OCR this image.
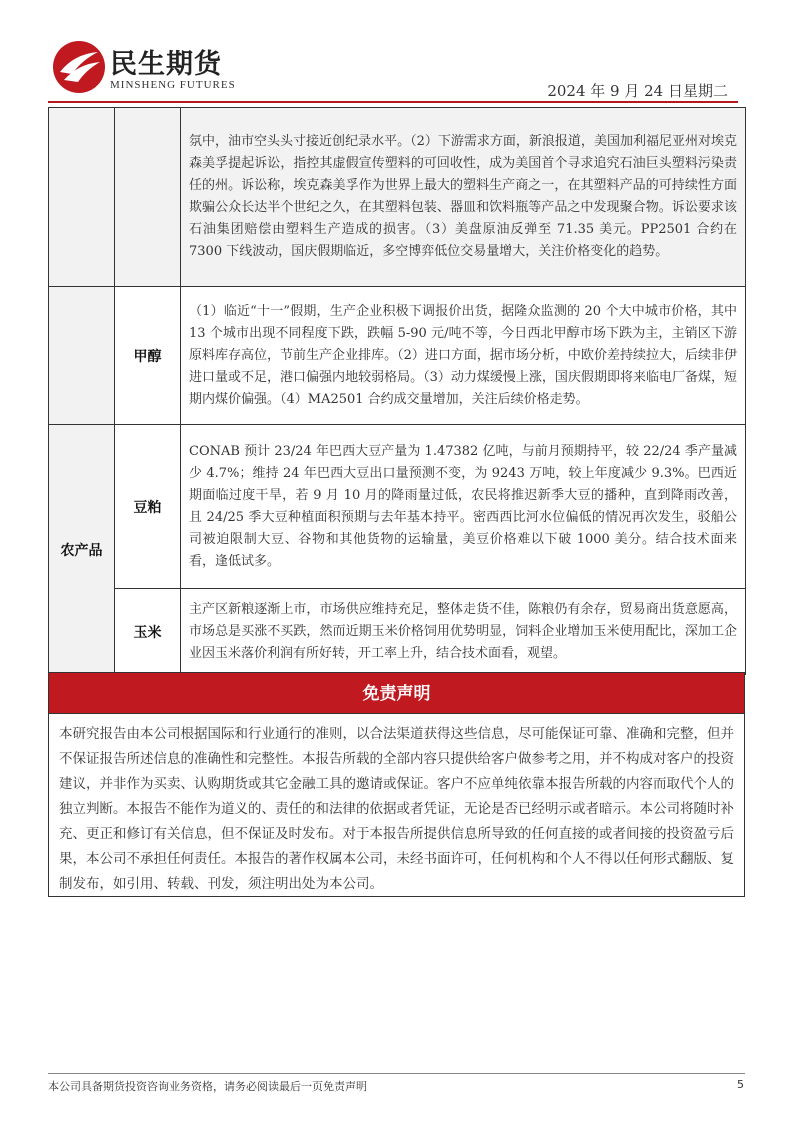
民生期货
MINSHENG FUTURES	2024 年 9 月 24 日星期二
		氛中，油市空头头寸接近创纪录水平。（2）下游需求方面，新浪报道，美国加利福尼亚州对埃克森美孚提起诉讼，指控其虚假宣传塑料的可回收性，成为美国首个寻求追究石油巨头塑料污染责任的州。诉讼称，埃克森美孚作为世界上最大的塑料生产商之一，在其塑料产品的可持续性方面欺骗公众长达半个世纪之久，在其塑料包装、器皿和饮料瓶等产品之中发现聚合物。诉讼要求该石油集团赔偿由塑料生产造成的损害。（3）美盘原油反弹至 71.35 美元。PP2501 合约在 7300 下线波动，国庆假期临近，多空博弈低位交易量增大，关注价格变化的趋势。
	甲醇	（1）临近“十一”假期，生产企业积极下调报价出货，据隆众监测的 20 个大中城市价格，其中 13 个城市出现不同程度下跌，跌幅 5-90 元/吨不等，今日西北甲醇市场下跌为主，主销区下游原料库存高位，节前生产企业排库。（2）进口方面，据市场分析，中欧价差持续拉大，后续非伊进口量或不足，港口偏强内地较弱格局。（3）动力煤缓慢上涨，国庆假期即将来临电厂备煤，短期内煤价偏强。（4）MA2501 合约成交量增加，关注后续价格走势。
农产品	豆粕	CONAB 预计 23/24 年巴西大豆产量为 1.47382 亿吨，与前月预期持平，较 22/24 季产量减少 4.7%；维持 24 年巴西大豆出口量预测不变，为 9243 万吨，较上年度减少 9.3%。巴西近期面临过度干旱，若 9 月 10 月的降雨量过低，农民将推迟新季大豆的播种，直到降雨改善，且 24/25 季大豆种植面积预期与去年基本持平。密西西比河水位偏低的情况再次发生，驳船公司被迫限制大豆、谷物和其他货物的运输量，美豆价格难以下破 1000 美分。结合技术面来看，逢低试多。
	玉米	主产区新粮逐渐上市，市场供应维持充足，整体走货不佳，陈粮仍有余存，贸易商出货意愿高，市场总是买涨不买跌，然而近期玉米价格饲用优势明显，饲料企业增加玉米使用配比，深加工企业因玉米落价利润有所好转，开工率上升，结合技术面看，观望。
免责声明
本研究报告由本公司根据国际和行业通行的准则，以合法渠道获得这些信息，尽可能保证可靠、准确和完整，但并不保证报告所述信息的准确性和完整性。本报告所载的全部内容只提供给客户做参考之用，并不构成对客户的投资建议，并非作为买卖、认购期货或其它金融工具的邀请或保证。客户不应单纯依靠本报告所载的内容而取代个人的独立判断。本报告不能作为道义的、责任的和法律的依据或者凭证，无论是否已经明示或者暗示。本公司将随时补充、更正和修订有关信息，但不保证及时发布。对于本报告所提供信息所导致的任何直接的或者间接的投资盈亏后果，本公司不承担任何责任。本报告的著作权属本公司，未经书面许可，任何机构和个人不得以任何形式翻版、复制发布，如引用、转载、刊发，须注明出处为本公司。
本公司具备期货投资咨询业务资格，请务必阅读最后一页免责声明	5
